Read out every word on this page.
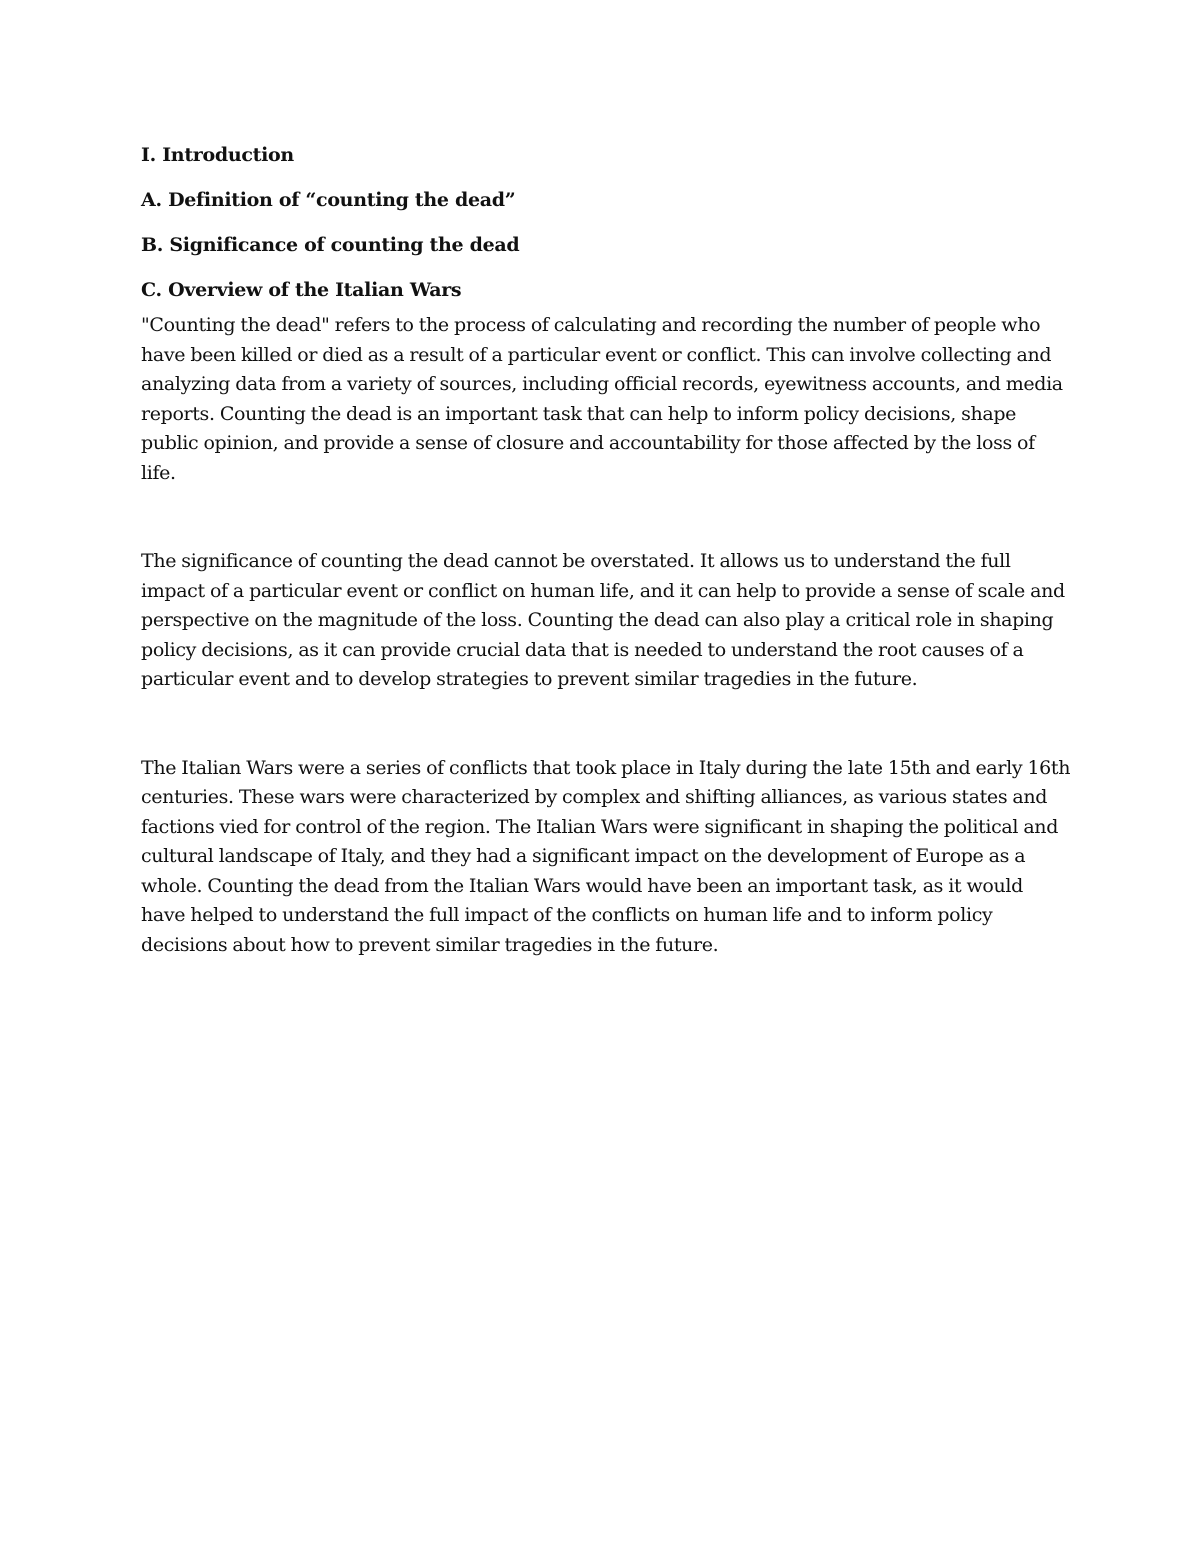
I. Introduction

A. Definition of “counting the dead”

B. Significance of counting the dead

C. Overview of the Italian Wars

"Counting the dead" refers to the process of calculating and recording the number of people who have been killed or died as a result of a particular event or conflict. This can involve collecting and analyzing data from a variety of sources, including official records, eyewitness accounts, and media reports. Counting the dead is an important task that can help to inform policy decisions, shape public opinion, and provide a sense of closure and accountability for those affected by the loss of life.

The significance of counting the dead cannot be overstated. It allows us to understand the full impact of a particular event or conflict on human life, and it can help to provide a sense of scale and perspective on the magnitude of the loss. Counting the dead can also play a critical role in shaping policy decisions, as it can provide crucial data that is needed to understand the root causes of a particular event and to develop strategies to prevent similar tragedies in the future.

The Italian Wars were a series of conflicts that took place in Italy during the late 15th and early 16th centuries. These wars were characterized by complex and shifting alliances, as various states and factions vied for control of the region. The Italian Wars were significant in shaping the political and cultural landscape of Italy, and they had a significant impact on the development of Europe as a whole. Counting the dead from the Italian Wars would have been an important task, as it would have helped to understand the full impact of the conflicts on human life and to inform policy decisions about how to prevent similar tragedies in the future.
